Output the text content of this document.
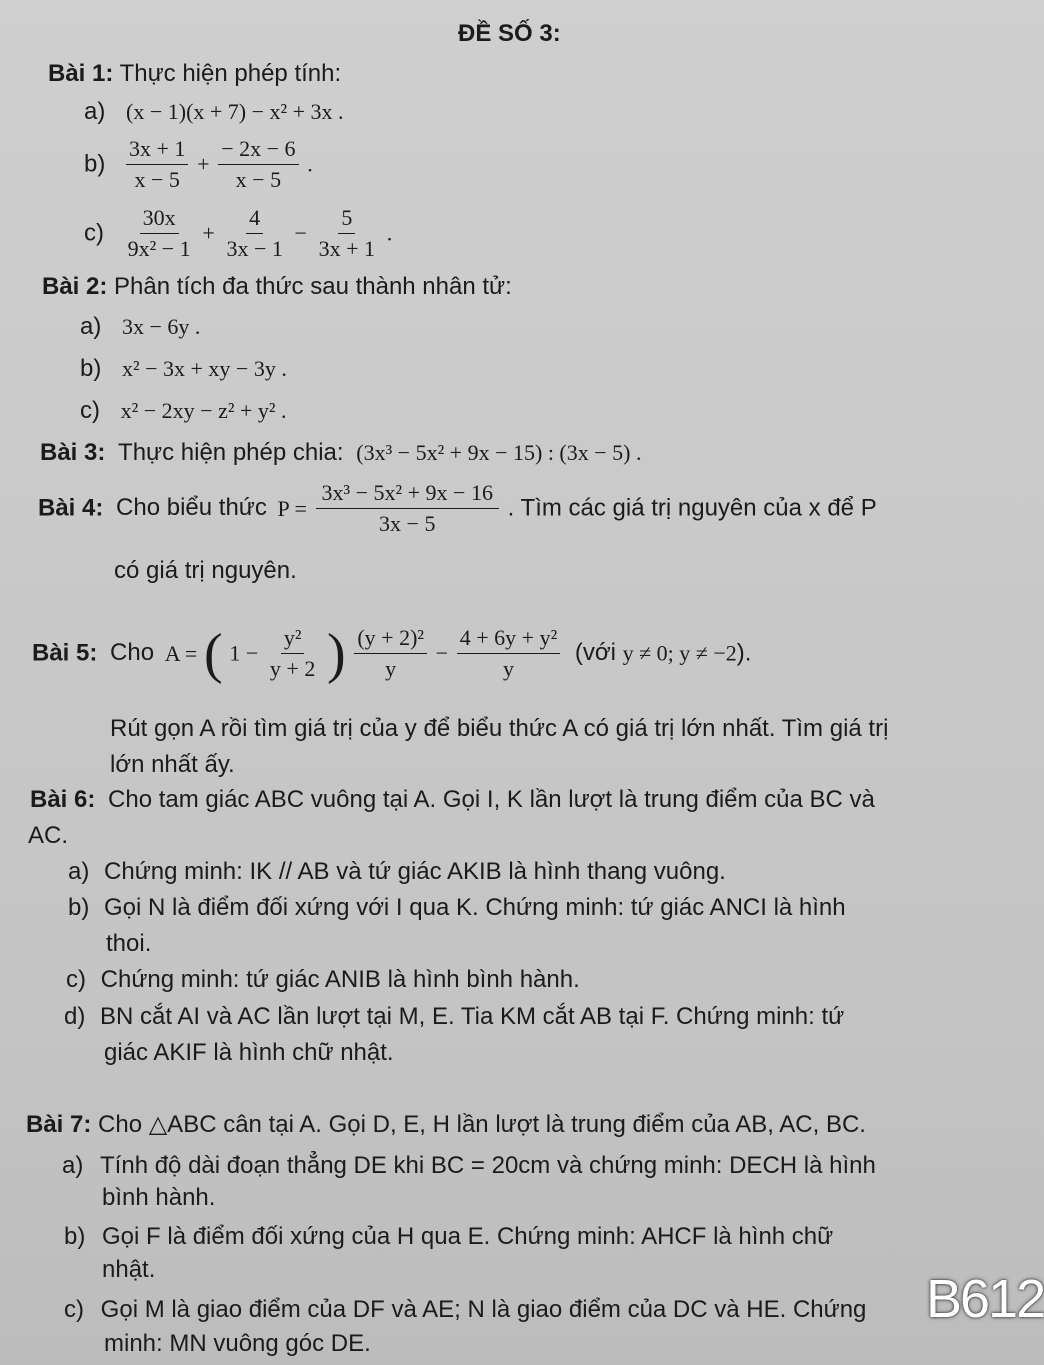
ĐỀ SỐ 3:
Bài 1: Thực hiện phép tính:
a) (x − 1)(x + 7) − x² + 3x .
$b) \frac{3x + 1}{x - 5} + \frac{- 2x - 6}{x - 5}$ .
$c) \frac{30x}{\text{9x² − 1}} + \frac{4}{3x - 1} - \frac{5}{3x + 1}$ .
Bài 2: Phân tích đa thức sau thành nhân tử:
a) 3x − 6y .
b) x² − 3x + xy − 3y .
c) x² − 2xy − z² + y² .
Bài 3: Thực hiện phép chia: (3x³ − 5x² + 9x − 15) : (3x − 5) .
Bài 4: Cho biểu thức $P = \frac{\text{3x³ − 5x² + 9x − 16}}{3x - 5}$ . Tìm các giá trị nguyên của x để P
có giá trị nguyên.
Bài 5: Cho A = ( $1 - \frac{\text{y²}}{y + 2}$ ) $\frac{\text{(y + 2)²}}{y} - \frac{\text{4 + 6y + y²}}{y}$ (với y ≠ 0; y ≠ −2).
Rút gọn A rồi tìm giá trị của y để biểu thức A có giá trị lớn nhất. Tìm giá trị
lớn nhất ấy.
Bài 6: Cho tam giác ABC vuông tại A. Gọi I, K lần lượt là trung điểm của BC và
AC.
a) Chứng minh: IK // AB và tứ giác AKIB là hình thang vuông.
b) Gọi N là điểm đối xứng với I qua K. Chứng minh: tứ giác ANCI là hình
thoi.
c) Chứng minh: tứ giác ANIB là hình bình hành.
d) BN cắt AI và AC lần lượt tại M, E. Tia KM cắt AB tại F. Chứng minh: tứ
giác AKIF là hình chữ nhật.
Bài 7: Cho △ABC cân tại A. Gọi D, E, H lần lượt là trung điểm của AB, AC, BC.
a) Tính độ dài đoạn thẳng DE khi BC = 20cm và chứng minh: DECH là hình
bình hành.
b) Gọi F là điểm đối xứng của H qua E. Chứng minh: AHCF là hình chữ
nhật.
c) Gọi M là giao điểm của DF và AE; N là giao điểm của DC và HE. Chứng
minh: MN vuông góc DE.
B612
